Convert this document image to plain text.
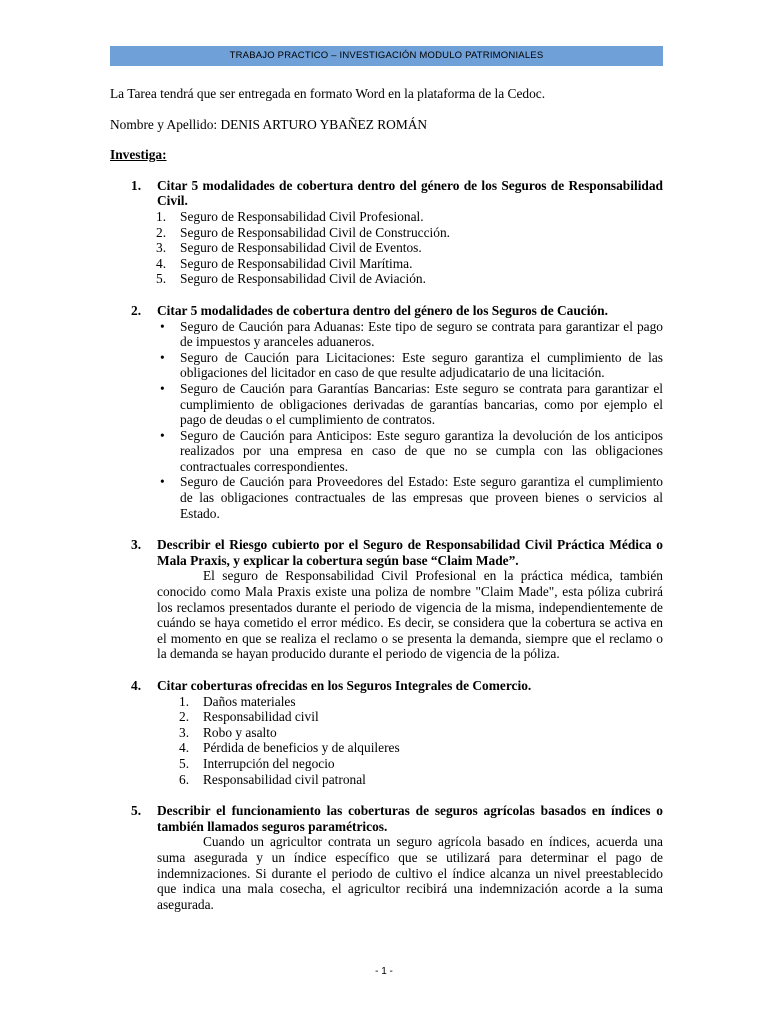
TRABAJO PRACTICO – INVESTIGACIÓN MODULO PATRIMONIALES

La Tarea tendrá que ser entregada en formato Word en la plataforma de la Cedoc.

Nombre y Apellido: DENIS ARTURO YBAÑEZ ROMÁN

Investiga:
1. Citar 5 modalidades de cobertura dentro del género de los Seguros de Responsabilidad Civil.
1. Seguro de Responsabilidad Civil Profesional.
2. Seguro de Responsabilidad Civil de Construcción.
3. Seguro de Responsabilidad Civil de Eventos.
4. Seguro de Responsabilidad Civil Marítima.
5. Seguro de Responsabilidad Civil de Aviación.
2. Citar 5 modalidades de cobertura dentro del género de los Seguros de Caución.
• Seguro de Caución para Aduanas: Este tipo de seguro se contrata para garantizar el pago de impuestos y aranceles aduaneros.
• Seguro de Caución para Licitaciones: Este seguro garantiza el cumplimiento de las obligaciones del licitador en caso de que resulte adjudicatario de una licitación.
• Seguro de Caución para Garantías Bancarias: Este seguro se contrata para garantizar el cumplimiento de obligaciones derivadas de garantías bancarias, como por ejemplo el pago de deudas o el cumplimiento de contratos.
• Seguro de Caución para Anticipos: Este seguro garantiza la devolución de los anticipos realizados por una empresa en caso de que no se cumpla con las obligaciones contractuales correspondientes.
• Seguro de Caución para Proveedores del Estado: Este seguro garantiza el cumplimiento de las obligaciones contractuales de las empresas que proveen bienes o servicios al Estado.
3. Describir el Riesgo cubierto por el Seguro de Responsabilidad Civil Práctica Médica o Mala Praxis, y explicar la cobertura según base “Claim Made”.
El seguro de Responsabilidad Civil Profesional en la práctica médica, también conocido como Mala Praxis existe una poliza de nombre "Claim Made", esta póliza cubrirá los reclamos presentados durante el periodo de vigencia de la misma, independientemente de cuándo se haya cometido el error médico. Es decir, se considera que la cobertura se activa en el momento en que se realiza el reclamo o se presenta la demanda, siempre que el reclamo o la demanda se hayan producido durante el periodo de vigencia de la póliza.
4. Citar coberturas ofrecidas en los Seguros Integrales de Comercio.
1. Daños materiales
2. Responsabilidad civil
3. Robo y asalto
4. Pérdida de beneficios y de alquileres
5. Interrupción del negocio
6. Responsabilidad civil patronal
5. Describir el funcionamiento las coberturas de seguros agrícolas basados en índices o también llamados seguros paramétricos.
Cuando un agricultor contrata un seguro agrícola basado en índices, acuerda una suma asegurada y un índice específico que se utilizará para determinar el pago de indemnizaciones. Si durante el periodo de cultivo el índice alcanza un nivel preestablecido que indica una mala cosecha, el agricultor recibirá una indemnización acorde a la suma asegurada.
- 1 -
